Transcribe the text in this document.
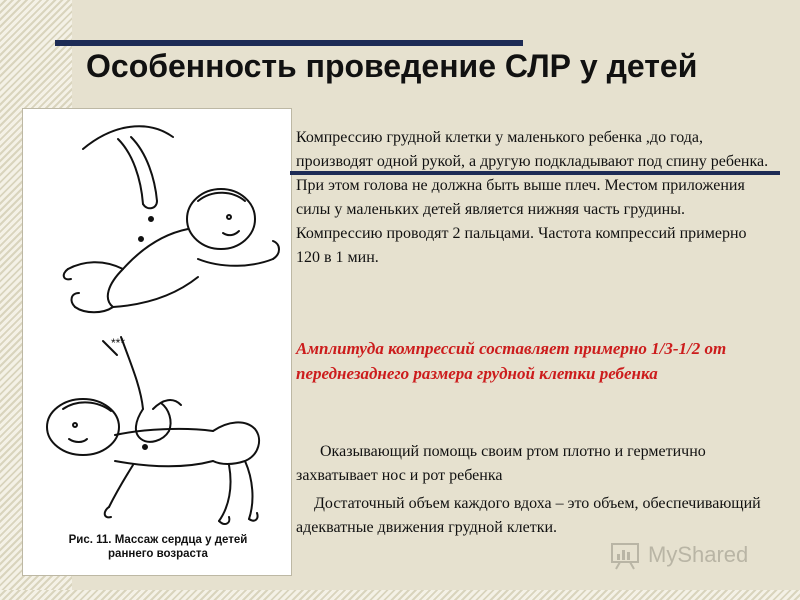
Особенность проведение СЛР у детей
***
Рис. 11. Массаж сердца у детей раннего возраста

Компрессию грудной клетки у маленького ребенка ,до года, производят одной рукой, а другую подкладывают под спину ребенка. При этом голова не должна быть выше плеч. Местом приложения силы у маленьких детей является нижняя часть грудины. Компрессию проводят 2 пальцами. Частота компрессий примерно 120 в 1 мин.

Амплитуда компрессий составляет примерно 1/3-1/2 от переднезаднего размера грудной клетки ребенка

Оказывающий помощь своим ртом плотно и герметично захватывает нос и рот ребенка

Достаточный объем каждого вдоха – это объем, обеспечивающий адекватные движения грудной клетки.

MyShared
